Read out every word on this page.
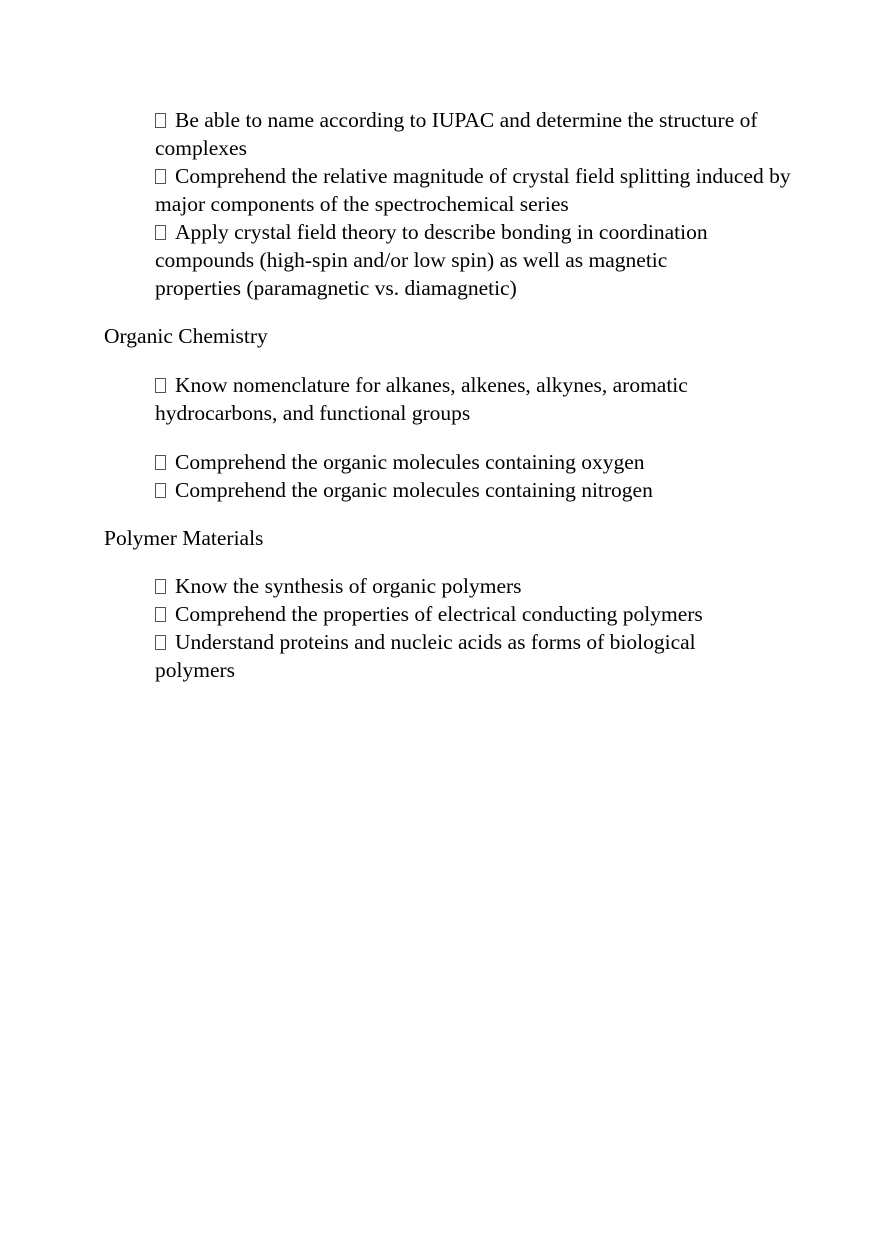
Be able to name according to IUPAC and determine the structure of complexes

Comprehend the relative magnitude of crystal field splitting induced by major components of the spectrochemical series

Apply crystal field theory to describe bonding in coordination compounds (high-spin and/or low spin) as well as magnetic properties (paramagnetic vs. diamagnetic)

Organic Chemistry

Know nomenclature for alkanes, alkenes, alkynes, aromatic hydrocarbons, and functional groups

Comprehend the organic molecules containing oxygen

Comprehend the organic molecules containing nitrogen

Polymer Materials

Know the synthesis of organic polymers

Comprehend the properties of electrical conducting polymers

Understand proteins and nucleic acids as forms of biological polymers
